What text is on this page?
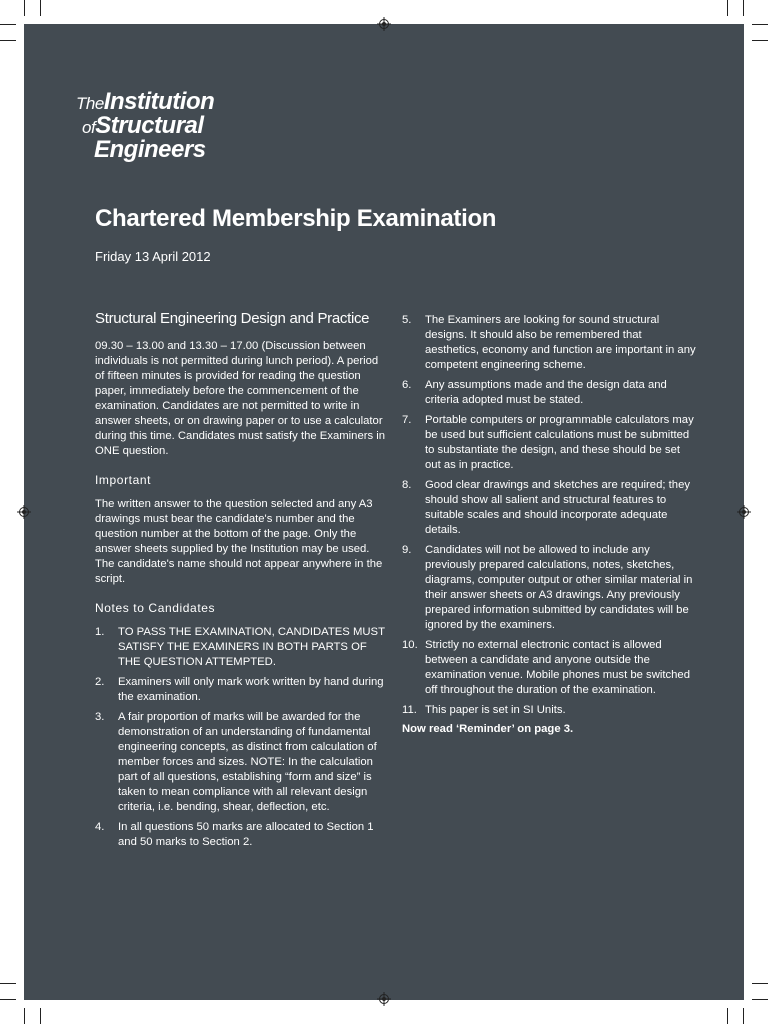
TheInstitution
ofStructural
Engineers
Chartered Membership Examination
Friday 13 April 2012
Structural Engineering Design and Practice

09.30 – 13.00 and 13.30 – 17.00 (Discussion between individuals is not permitted during lunch period). A period of fifteen minutes is provided for reading the question paper, immediately before the commencement of the examination. Candidates are not permitted to write in answer sheets, or on drawing paper or to use a calculator during this time. Candidates must satisfy the Examiners in ONE question.

Important

The written answer to the question selected and any A3 drawings must bear the candidate's number and the question number at the bottom of the page. Only the answer sheets supplied by the Institution may be used. The candidate's name should not appear anywhere in the script.

Notes to Candidates
1. TO PASS THE EXAMINATION, CANDIDATES MUST SATISFY THE EXAMINERS IN BOTH PARTS OF THE QUESTION ATTEMPTED.
2. Examiners will only mark work written by hand during the examination.
3. A fair proportion of marks will be awarded for the demonstration of an understanding of fundamental engineering concepts, as distinct from calculation of member forces and sizes. NOTE: In the calculation part of all questions, establishing “form and size” is taken to mean compliance with all relevant design criteria, i.e. bending, shear, deflection, etc.
4. In all questions 50 marks are allocated to Section 1 and 50 marks to Section 2.
5. The Examiners are looking for sound structural designs. It should also be remembered that aesthetics, economy and function are important in any competent engineering scheme.
6. Any assumptions made and the design data and criteria adopted must be stated.
7. Portable computers or programmable calculators may be used but sufficient calculations must be submitted to substantiate the design, and these should be set out as in practice.
8. Good clear drawings and sketches are required; they should show all salient and structural features to suitable scales and should incorporate adequate details.
9. Candidates will not be allowed to include any previously prepared calculations, notes, sketches, diagrams, computer output or other similar material in their answer sheets or A3 drawings. Any previously prepared information submitted by candidates will be ignored by the examiners.
10. Strictly no external electronic contact is allowed between a candidate and anyone outside the examination venue. Mobile phones must be switched off throughout the duration of the examination.
11. This paper is set in SI Units.
Now read ‘Reminder’ on page 3.
